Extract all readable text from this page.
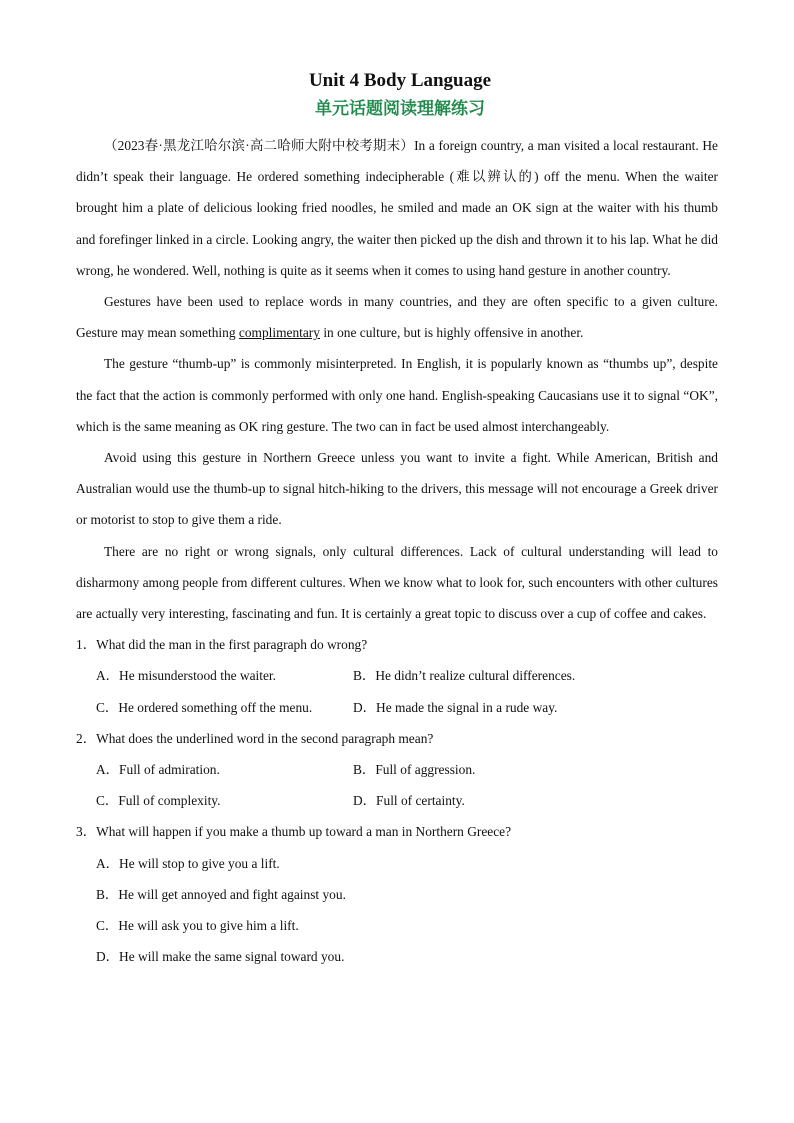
Unit 4 Body Language
单元话题阅读理解练习

（2023春·黑龙江哈尔滨·高二哈师大附中校考期末）In a foreign country, a man visited a local restaurant. He didn’t speak their language. He ordered something indecipherable (难以辨认的) off the menu. When the waiter brought him a plate of delicious looking fried noodles, he smiled and made an OK sign at the waiter with his thumb and forefinger linked in a circle. Looking angry, the waiter then picked up the dish and thrown it to his lap. What he did wrong, he wondered. Well, nothing is quite as it seems when it comes to using hand gesture in another country.

Gestures have been used to replace words in many countries, and they are often specific to a given culture. Gesture may mean something complimentary in one culture, but is highly offensive in another.

The gesture “thumb-up” is commonly misinterpreted. In English, it is popularly known as “thumbs up”, despite the fact that the action is commonly performed with only one hand. English-speaking Caucasians use it to signal “OK”, which is the same meaning as OK ring gesture. The two can in fact be used almost interchangeably.

Avoid using this gesture in Northern Greece unless you want to invite a fight. While American, British and Australian would use the thumb-up to signal hitch-hiking to the drivers, this message will not encourage a Greek driver or motorist to stop to give them a ride.

There are no right or wrong signals, only cultural differences. Lack of cultural understanding will lead to disharmony among people from different cultures. When we know what to look for, such encounters with other cultures are actually very interesting, fascinating and fun. It is certainly a great topic to discuss over a cup of coffee and cakes.

1．What did the man in the first paragraph do wrong?

A．He misunderstood the waiter.	B．He didn’t realize cultural differences.
C．He ordered something off the menu.	D．He made the signal in a rude way.

2．What does the underlined word in the second paragraph mean?

A．Full of admiration.	B．Full of aggression.
C．Full of complexity.	D．Full of certainty.

3．What will happen if you make a thumb up toward a man in Northern Greece?

A．He will stop to give you a lift.
B．He will get annoyed and fight against you.
C．He will ask you to give him a lift.
D．He will make the same signal toward you.
